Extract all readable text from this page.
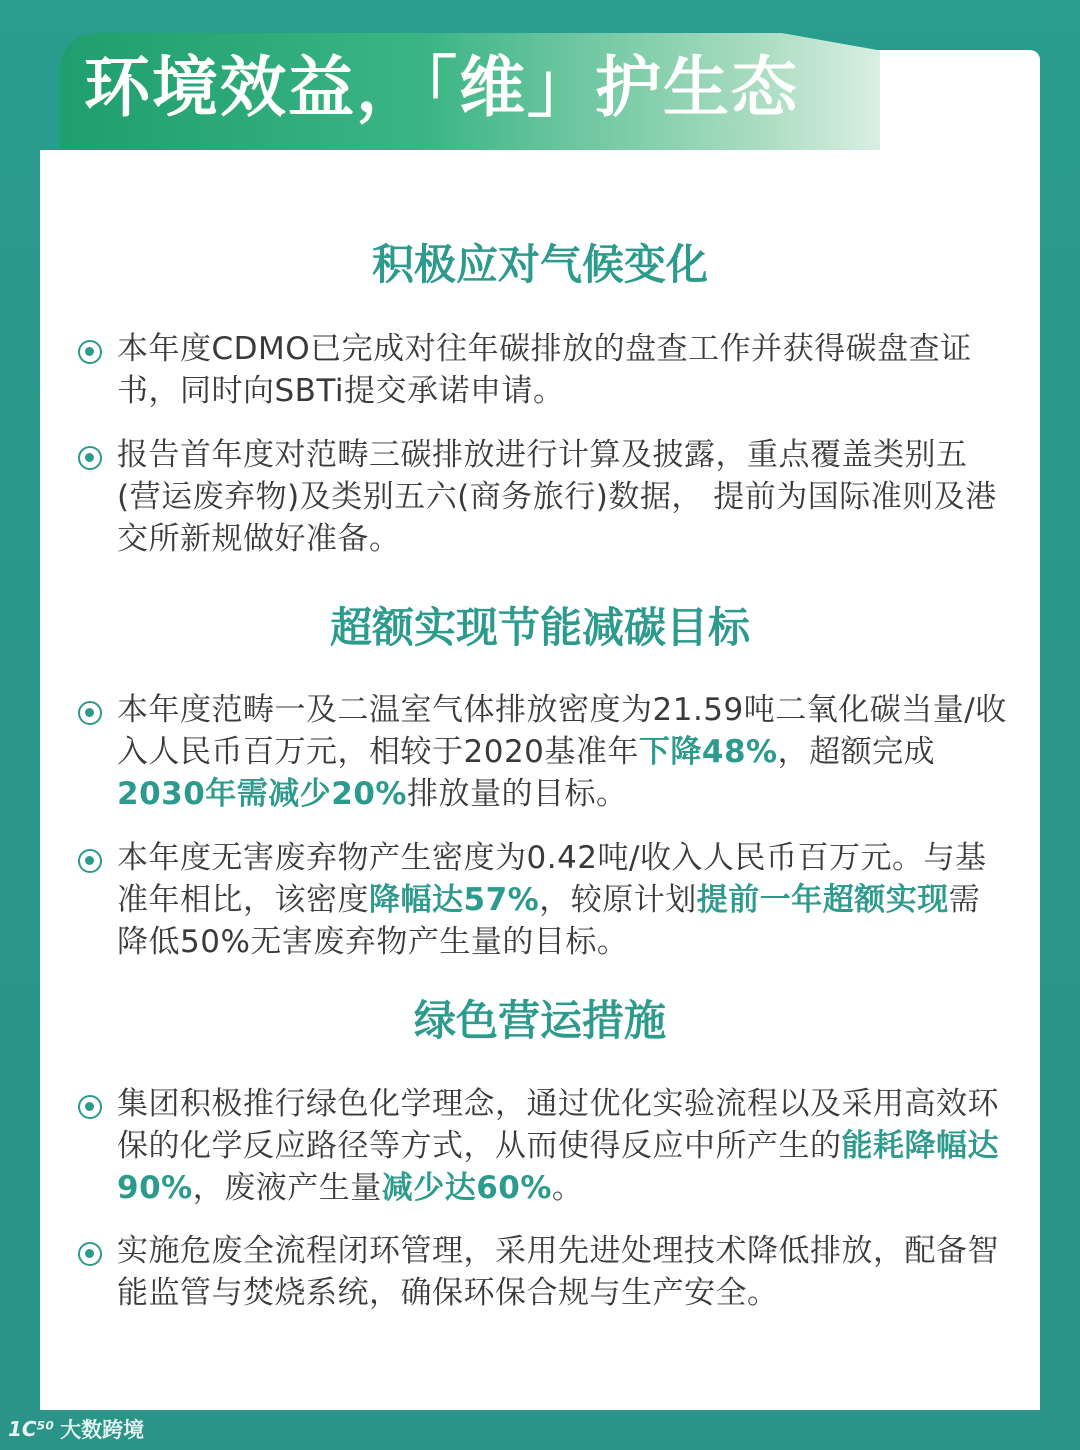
环境效益，「维」护生态
积极应对气候变化

本年度CDMO已完成对往年碳排放的盘查工作并获得碳盘查证书，同时向SBTi提交承诺申请。

报告首年度对范畴三碳排放进行计算及披露，重点覆盖类别五(营运废弃物)及类别五六(商务旅行)数据， 提前为国际准则及港交所新规做好准备。

超额实现节能减碳目标

本年度范畴一及二温室气体排放密度为21.59吨二氧化碳当量/收入人民币百万元，相较于2020基准年下降48%，超额完成2030年需减少20%排放量的目标。

本年度无害废弃物产生密度为0.42吨/收入人民币百万元。与基准年相比，该密度降幅达57%，较原计划提前一年超额实现需降低50%无害废弃物产生量的目标。

绿色营运措施

集团积极推行绿色化学理念，通过优化实验流程以及采用高效环保的化学反应路径等方式，从而使得反应中所产生的能耗降幅达90%，废液产生量减少达60%。

实施危废全流程闭环管理，采用先进处理技术降低排放，配备智能监管与焚烧系统，确保环保合规与生产安全。

1C⁵⁰ 大数跨境
